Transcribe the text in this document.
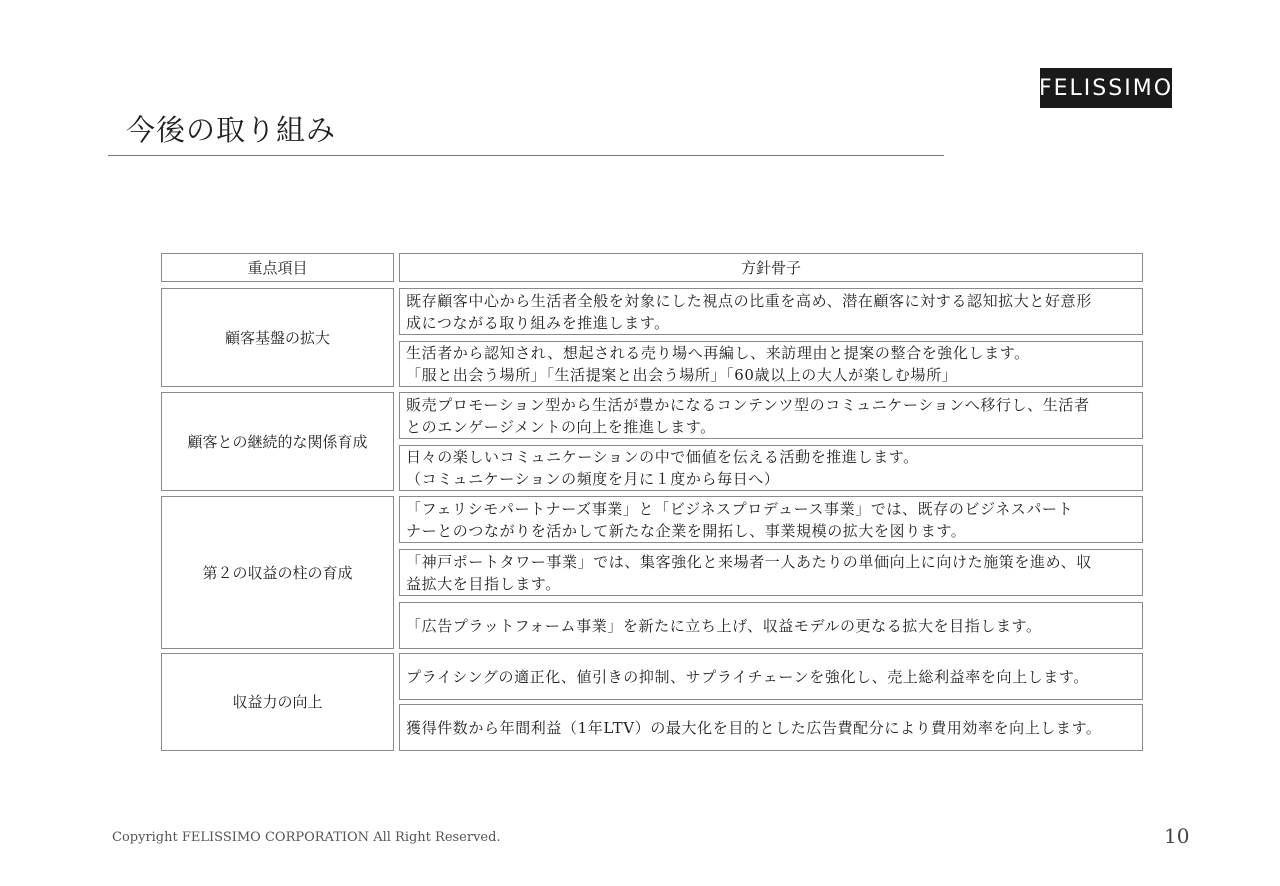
FELISSIMO
今後の取り組み
重点項目	方針骨子
顧客基盤の拡大
既存顧客中心から生活者全般を対象にした視点の比重を高め、潜在顧客に対する認知拡大と好意形
成につながる取り組みを推進します。
生活者から認知され、想起される売り場へ再編し、来訪理由と提案の整合を強化します。
「服と出会う場所」「生活提案と出会う場所」「60歳以上の大人が楽しむ場所」
顧客との継続的な関係育成
販売プロモーション型から生活が豊かになるコンテンツ型のコミュニケーションへ移行し、生活者
とのエンゲージメントの向上を推進します。
日々の楽しいコミュニケーションの中で価値を伝える活動を推進します。
（コミュニケーションの頻度を月に１度から毎日へ）
第２の収益の柱の育成
「フェリシモパートナーズ事業」と「ビジネスプロデュース事業」では、既存のビジネスパート
ナーとのつながりを活かして新たな企業を開拓し、事業規模の拡大を図ります。
「神戸ポートタワー事業」では、集客強化と来場者一人あたりの単価向上に向けた施策を進め、収
益拡大を目指します。
「広告プラットフォーム事業」を新たに立ち上げ、収益モデルの更なる拡大を目指します。
収益力の向上
プライシングの適正化、値引きの抑制、サプライチェーンを強化し、売上総利益率を向上します。
獲得件数から年間利益（1年LTV）の最大化を目的とした広告費配分により費用効率を向上します。
Copyright FELISSIMO CORPORATION All Right Reserved.	10
